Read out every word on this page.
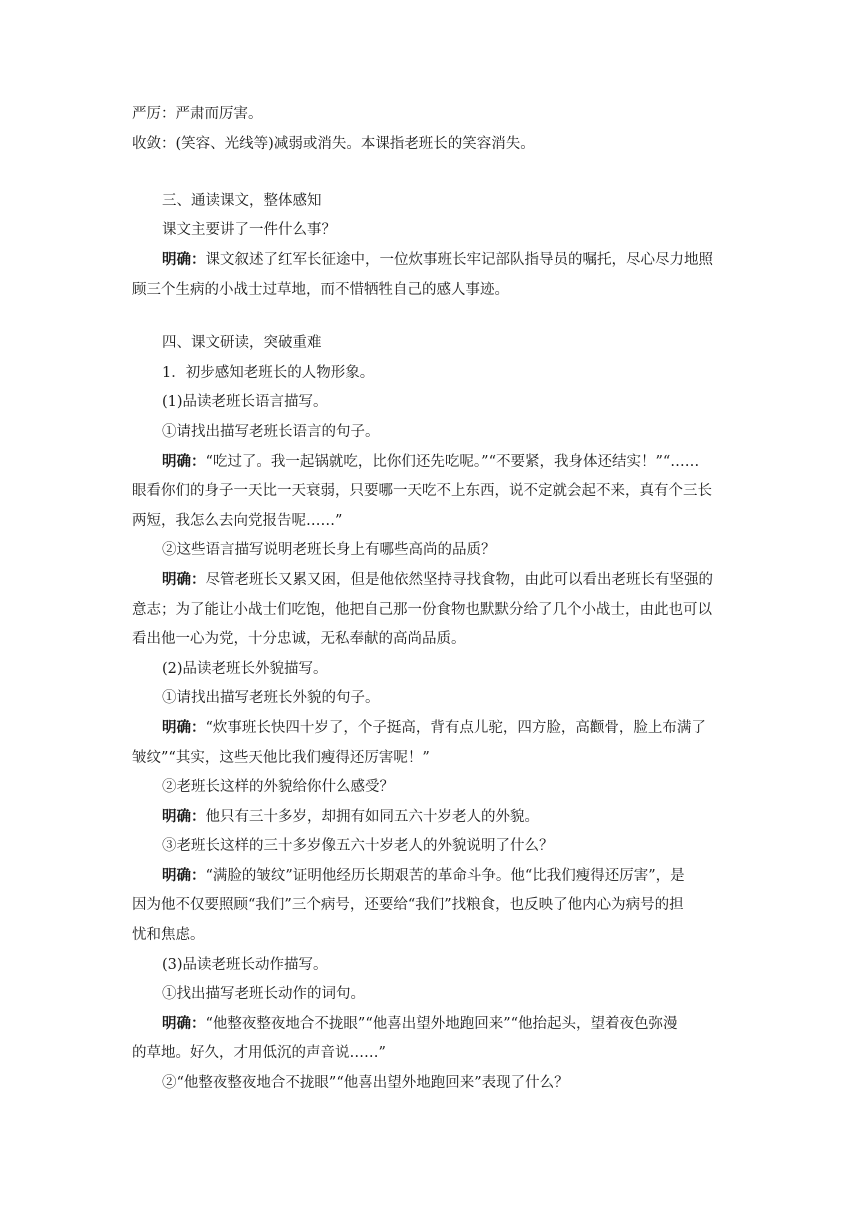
严厉：严肃而厉害。
收敛：(笑容、光线等)减弱或消失。本课指老班长的笑容消失。
三、通读课文，整体感知
课文主要讲了一件什么事？
明确：课文叙述了红军长征途中，一位炊事班长牢记部队指导员的嘱托，尽心尽力地照
顾三个生病的小战士过草地，而不惜牺牲自己的感人事迹。
四、课文研读，突破重难
1．初步感知老班长的人物形象。
(1)品读老班长语言描写。
①请找出描写老班长语言的句子。
明确：“吃过了。我一起锅就吃，比你们还先吃呢。”“不要紧，我身体还结实！”“……
眼看你们的身子一天比一天衰弱，只要哪一天吃不上东西，说不定就会起不来，真有个三长
两短，我怎么去向党报告呢……”
②这些语言描写说明老班长身上有哪些高尚的品质？
明确：尽管老班长又累又困，但是他依然坚持寻找食物，由此可以看出老班长有坚强的
意志；为了能让小战士们吃饱，他把自己那一份食物也默默分给了几个小战士，由此也可以
看出他一心为党，十分忠诚，无私奉献的高尚品质。
(2)品读老班长外貌描写。
①请找出描写老班长外貌的句子。
明确：“炊事班长快四十岁了，个子挺高，背有点儿驼，四方脸，高颧骨，脸上布满了
皱纹”“其实，这些天他比我们瘦得还厉害呢！”
②老班长这样的外貌给你什么感受？
明确：他只有三十多岁，却拥有如同五六十岁老人的外貌。
③老班长这样的三十多岁像五六十岁老人的外貌说明了什么？
明确：“满脸的皱纹”证明他经历长期艰苦的革命斗争。他“比我们瘦得还厉害”，是
因为他不仅要照顾“我们”三个病号，还要给“我们”找粮食，也反映了他内心为病号的担
忧和焦虑。
(3)品读老班长动作描写。
①找出描写老班长动作的词句。
明确：“他整夜整夜地合不拢眼”“他喜出望外地跑回来”“他抬起头，望着夜色弥漫
的草地。好久，才用低沉的声音说……”
②“他整夜整夜地合不拢眼”“他喜出望外地跑回来”表现了什么？
